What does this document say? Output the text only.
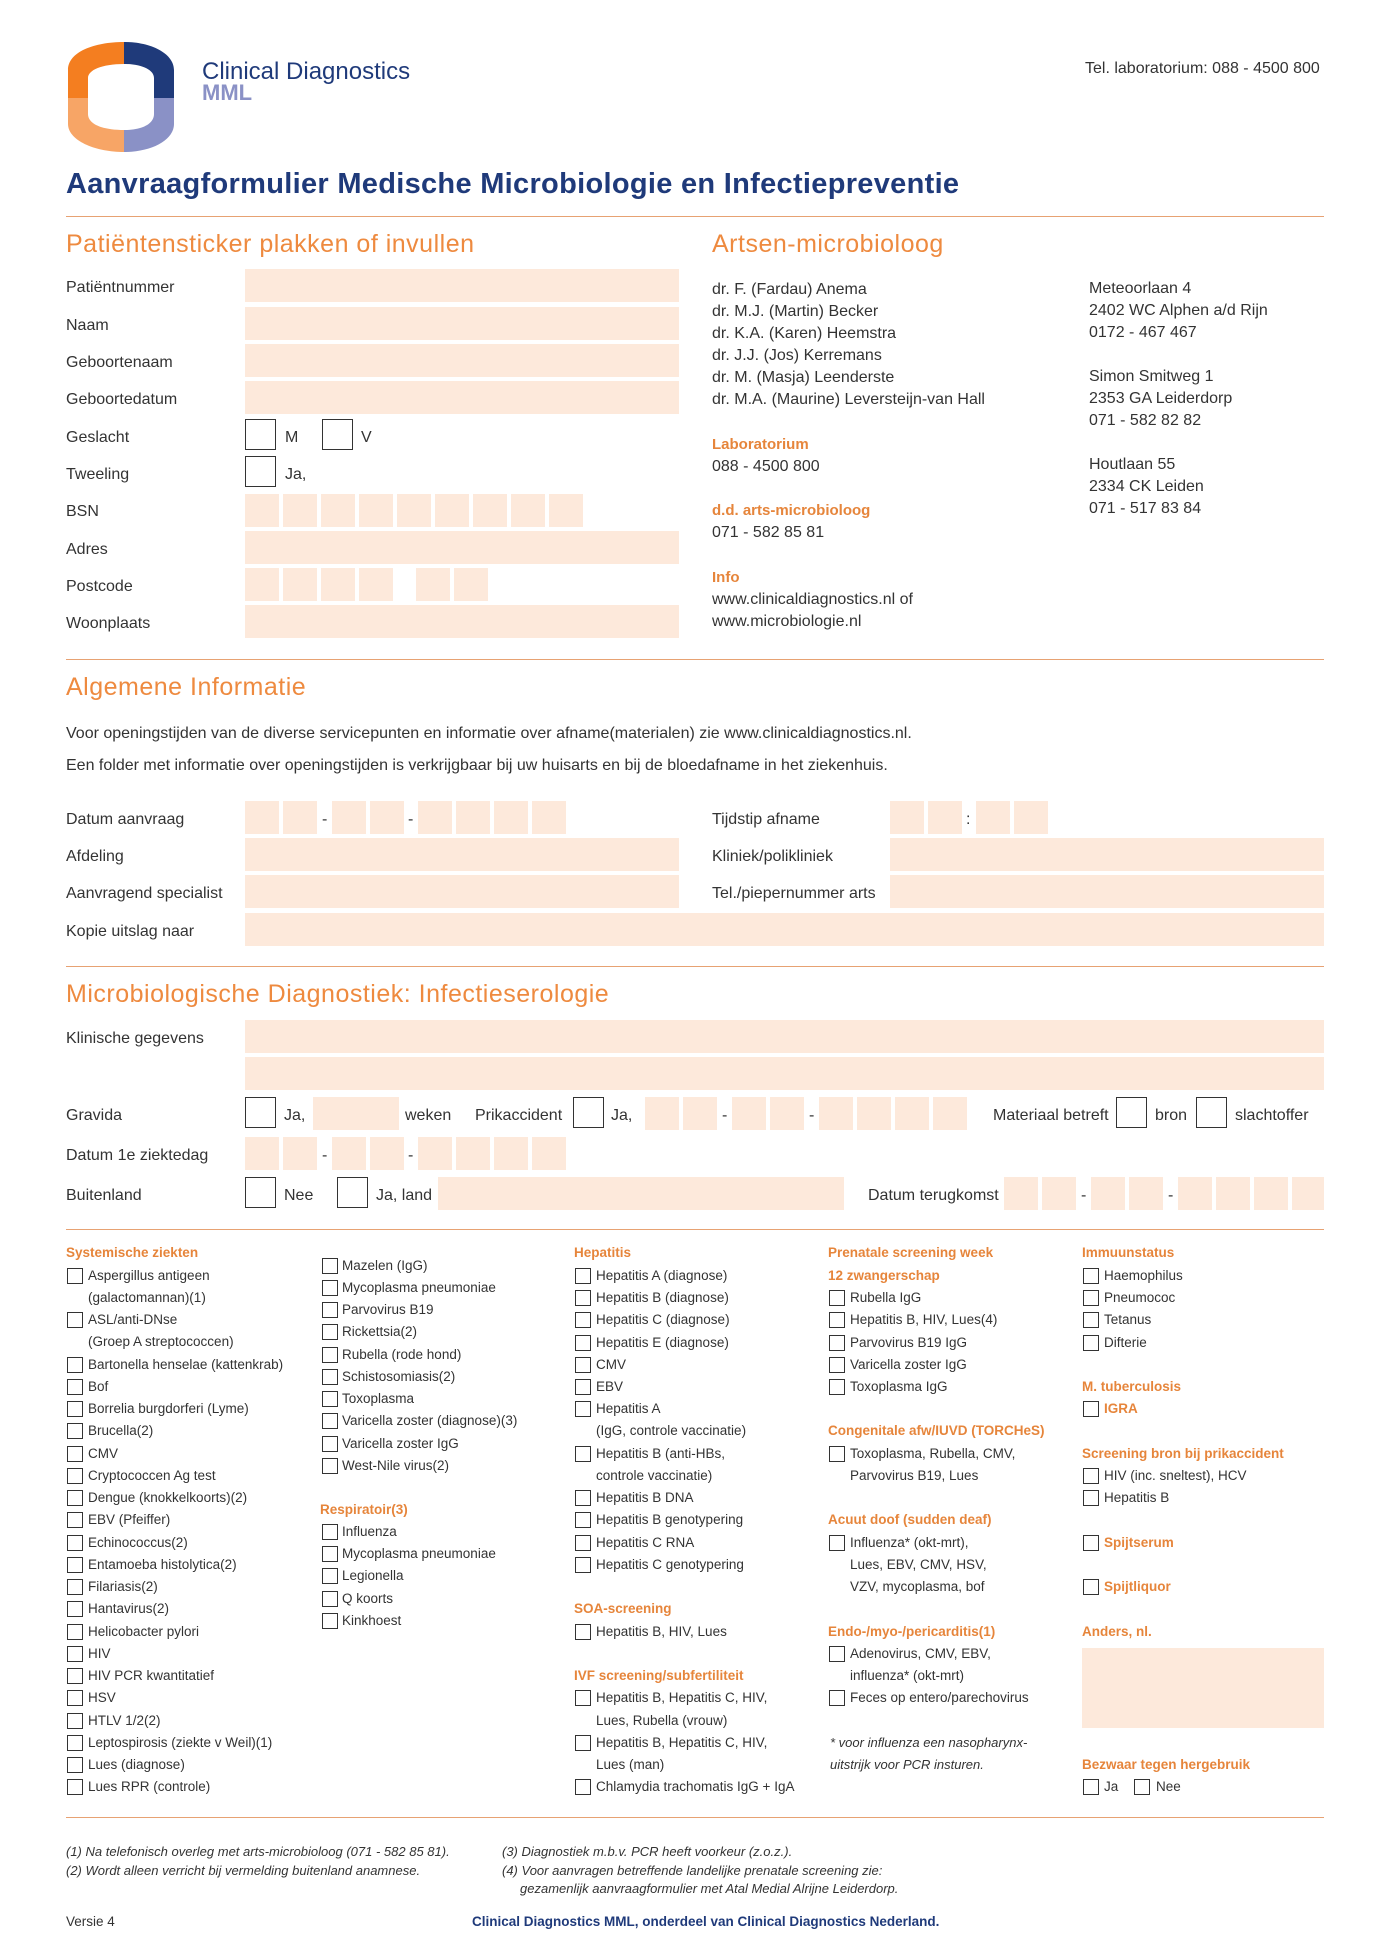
Clinical Diagnostics
MML
Tel. laboratorium: 088 - 4500 800
Aanvraagformulier Medische Microbiologie en Infectiepreventie
Patiëntensticker plakken of invullen
Patiëntnummer
Naam
Geboortenaam
Geboortedatum
Geslacht	M	V
Tweeling	Ja,
BSN
Adres
Postcode
Woonplaats
Artsen-microbioloog
dr. F. (Fardau) Anema
dr. M.J. (Martin) Becker
dr. K.A. (Karen) Heemstra
dr. J.J. (Jos) Kerremans
dr. M. (Masja) Leenderste
dr. M.A. (Maurine) Leversteijn-van Hall
Laboratorium
088 - 4500 800
d.d. arts-microbioloog
071 - 582 85 81
Info
www.clinicaldiagnostics.nl of
www.microbiologie.nl
Meteoorlaan 4
2402 WC Alphen a/d Rijn
0172 - 467 467
Simon Smitweg 1
2353 GA Leiderdorp
071 - 582 82 82
Houtlaan 55
2334 CK Leiden
071 - 517 83 84
Algemene Informatie
Voor openingstijden van de diverse servicepunten en informatie over afname(materialen) zie www.clinicaldiagnostics.nl.
Een folder met informatie over openingstijden is verkrijgbaar bij uw huisarts en bij de bloedafname in het ziekenhuis.
Datum aanvraag	-	-	Tijdstip afname	:
Afdeling	Kliniek/polikliniek
Aanvragend specialist	Tel./piepernummer arts
Kopie uitslag naar
Microbiologische Diagnostiek: Infectieserologie
Klinische gegevens
Gravida	Ja,	weken Prikaccident	Ja,	-	-	Materiaal betreft	bron	slachtoffer
Datum 1e ziektedag	-	-
Buitenland	Nee	Ja, land	Datum terugkomst	-	-
Systemische ziekten
Aspergillus antigeen
(galactomannan)(1)
ASL/anti-DNse
(Groep A streptococcen)
Bartonella henselae (kattenkrab)
Bof
Borrelia burgdorferi (Lyme)
Brucella(2)
CMV
Cryptococcen Ag test
Dengue (knokkelkoorts)(2)
EBV (Pfeiffer)
Echinococcus(2)
Entamoeba histolytica(2)
Filariasis(2)
Hantavirus(2)
Helicobacter pylori
HIV
HIV PCR kwantitatief
HSV
HTLV 1/2(2)
Leptospirosis (ziekte v Weil)(1)
Lues (diagnose)
Lues RPR (controle)
Mazelen (IgG)
Mycoplasma pneumoniae
Parvovirus B19
Rickettsia(2)
Rubella (rode hond)
Schistosomiasis(2)
Toxoplasma
Varicella zoster (diagnose)(3)
Varicella zoster IgG
West-Nile virus(2)
Respiratoir(3)
Influenza
Mycoplasma pneumoniae
Legionella
Q koorts
Kinkhoest
Hepatitis
Hepatitis A (diagnose)
Hepatitis B (diagnose)
Hepatitis C (diagnose)
Hepatitis E (diagnose)
CMV
EBV
Hepatitis A
(IgG, controle vaccinatie)
Hepatitis B (anti-HBs,
controle vaccinatie)
Hepatitis B DNA
Hepatitis B genotypering
Hepatitis C RNA
Hepatitis C genotypering
SOA-screening
Hepatitis B, HIV, Lues
IVF screening/subfertiliteit
Hepatitis B, Hepatitis C, HIV,
Lues, Rubella (vrouw)
Hepatitis B, Hepatitis C, HIV,
Lues (man)
Chlamydia trachomatis IgG + IgA
Prenatale screening week
12 zwangerschap
Rubella IgG
Hepatitis B, HIV, Lues(4)
Parvovirus B19 IgG
Varicella zoster IgG
Toxoplasma IgG
Congenitale afw/IUVD (TORCHeS)
Toxoplasma, Rubella, CMV,
Parvovirus B19, Lues
Acuut doof (sudden deaf)
Influenza* (okt-mrt),
Lues, EBV, CMV, HSV,
VZV, mycoplasma, bof
Endo-/myo-/pericarditis(1)
Adenovirus, CMV, EBV,
influenza* (okt-mrt)
Feces op entero/parechovirus
* voor influenza een nasopharynx-
uitstrijk voor PCR insturen.
Immuunstatus
Haemophilus
Pneumococ
Tetanus
Difterie
M. tuberculosis
IGRA
Screening bron bij prikaccident
HIV (inc. sneltest), HCV
Hepatitis B
Spijtserum
Spijtliquor
Anders, nl.
Bezwaar tegen hergebruik
Ja	Nee
(1) Na telefonisch overleg met arts-microbioloog (071 - 582 85 81).
(2) Wordt alleen verricht bij vermelding buitenland anamnese.
(3) Diagnostiek m.b.v. PCR heeft voorkeur (z.o.z.).
(4) Voor aanvragen betreffende landelijke prenatale screening zie:
gezamenlijk aanvraagformulier met Atal Medial Alrijne Leiderdorp.
Versie 4	Clinical Diagnostics MML, onderdeel van Clinical Diagnostics Nederland.
